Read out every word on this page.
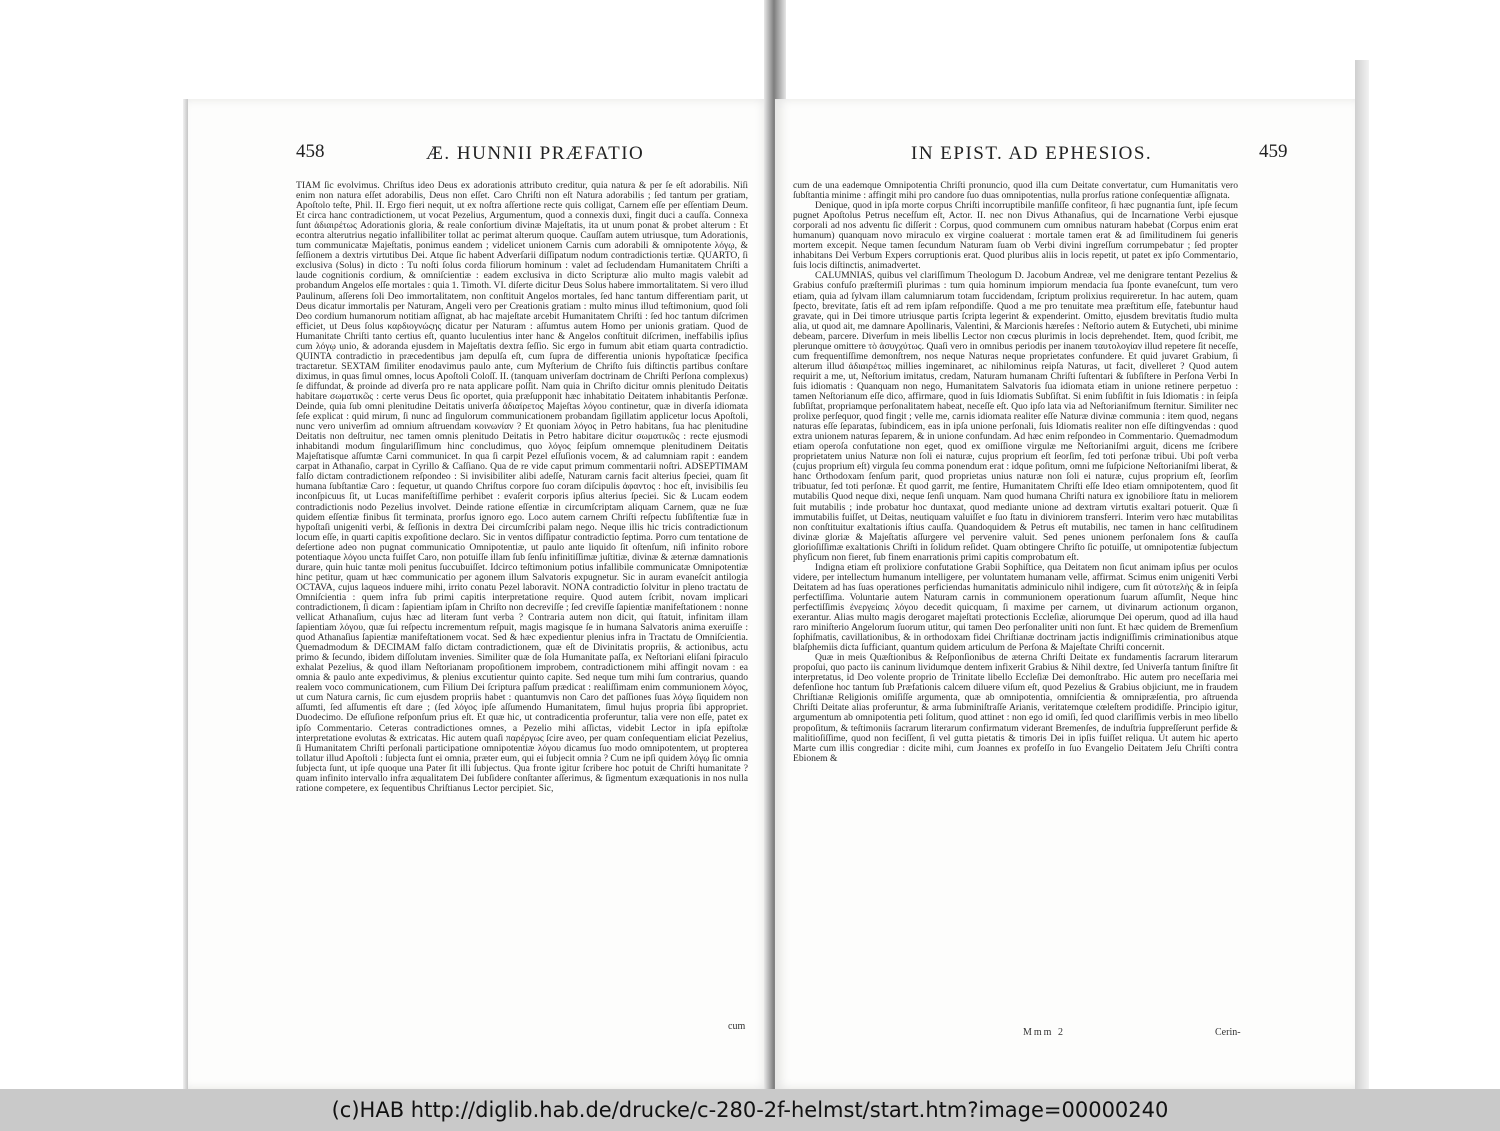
458	Æ. HUNNII PRÆFATIO

TIAM ſic evolvimus. Chriſtus ideo Deus ex adorationis attributo creditur, quia natura & per ſe eſt adorabilis. Niſi enim non natura eſſet adorabilis, Deus non eſſet. Caro Chriſti non eſt Natura adorabilis ; ſed tantum per gratiam, Apoſtolo teſte, Phil. II. Ergo fieri nequit, ut ex noſtra aſſertione recte quis colligat, Carnem eſſe per eſſentiam Deum. Et circa hanc contradictionem, ut vocat Pezelius, Argumentum, quod a connexis duxi, fingit duci a cauſſa. Connexa ſunt ἀδιαιρέτως Adorationis gloria, & reale conſortium divinæ Majeſtatis, ita ut unum ponat & probet alterum : Et econtra alterutrius negatio infallibiliter tollat ac perimat alterum quoque. Cauſſam autem utriusque, tum Adorationis, tum communicatæ Majeſtatis, ponimus eandem ; videlicet unionem Carnis cum adorabili & omnipotente λόγῳ, & ſeſſionem a dextris virtutibus Dei. Atque ſic habent Adverſarii diſſipatum nodum contradictionis tertiæ. QUARTO, ſi exclusiva (Solus) in dicto : Tu noſti ſolus corda filiorum hominum : valet ad ſecludendam Humanitatem Chriſti a laude cognitionis cordium, & omniſcientiæ : eadem exclusiva in dicto Scripturæ alio multo magis valebit ad probandum Angelos eſſe mortales : quia 1. Timoth. VI. diſerte dicitur Deus Solus habere immortalitatem. Si vero illud Paulinum, aſſerens ſoli Deo immortalitatem, non conſtituit Angelos mortales, ſed hanc tantum differentiam parit, ut Deus dicatur immortalis per Naturam, Angeli vero per Creationis gratiam : multo minus illud teſtimonium, quod ſoli Deo cordium humanorum notitiam aſſignat, ab hac majeſtate arcebit Humanitatem Chriſti : ſed hoc tantum diſcrimen efficiet, ut Deus ſolus καρδιογνώςης dicatur per Naturam : aſſumtus autem Homo per unionis gratiam. Quod de Humanitate Chriſti tanto certius eſt, quanto luculentius inter hanc & Angelos conſtituit diſcrimen, ineffabilis ipſius cum λόγῳ unio, & adoranda ejusdem in Majeſtatis dextra ſeſſio. Sic ergo in fumum abit etiam quarta contradictio. QUINTA contradictio in præcedentibus jam depulſa eſt, cum ſupra de differentia unionis hypoſtaticæ ſpecifica tractaretur. SEXTAM ſimiliter enodavimus paulo ante, cum Myſterium de Chriſto ſuis diſtinctis partibus conſtare diximus, in quas ſimul omnes, locus Apoſtoli Coloſſ. II. (tanquam univerſam doctrinam de Chriſti Perſona complexus) ſe diffundat, & proinde ad diverſa pro re nata applicare poſſit. Nam quia in Chriſto dicitur omnis plenitudo Deitatis habitare σωματικῶς : certe verus Deus ſic oportet, quia præſupponit hæc inhabitatio Deitatem inhabitantis Perſonæ. Deinde, quia ſub omni plenitudine Deitatis univerſa ἀδιαίρετος Majeſtas λόγου continetur, quæ in diverſa idiomata ſeſe explicat : quid mirum, ſi nunc ad ſingulorum communicationem probandam ſigillatim applicetur locus Apoſtoli, nunc vero univerſim ad omnium aſtruendam κοινωνίαν ? Et quoniam λόγος in Petro habitans, ſua hac plenitudine Deitatis non deſtruitur, nec tamen omnis plenitudo Deitatis in Petro habitare dicitur σωματικῶς : recte ejusmodi inhabitandi modum ſingulariſſimum hinc concludimus, quo λόγος ſeipſum omnemque plenitudinem Deitatis Majeſtatisque aſſumtæ Carni communicet. In qua ſi carpit Pezel eſſuſionis vocem, & ad calumniam rapit : eandem carpat in Athanaſio, carpat in Cyrillo & Caſſiano. Qua de re vide caput primum commentarii noſtri. ADSEPTIMAM falſo dictam contradictionem reſpondeo : Si invisibiliter alibi adeſſe, Naturam carnis facit alterius ſpeciei, quam ſit humana ſubſtantiæ Caro : ſequetur, ut quando Chriſtus corpore ſuo coram diſcipulis ἀφαντος : hoc eſt, invisibilis ſeu inconſpicuus ſit, ut Lucas manifeſtiſſime perhibet : evaſerit corporis ipſius alterius ſpeciei. Sic & Lucam eodem contradictionis nodo Pezelius involvet. Deinde ratione eſſentiæ in circumſcriptam aliquam Carnem, quæ ne ſuæ quidem eſſentiæ finibus ſit terminata, prorſus ignoro ego. Loco autem carnem Chriſti reſpectu ſubſiſtentiæ ſuæ in hypoſtaſi unigeniti verbi, & ſeſſionis in dextra Dei circumſcribi palam nego. Neque illis hic tricis contradictionum locum eſſe, in quarti capitis expoſitione declaro. Sic in ventos diſſipatur contradictio ſeptima. Porro cum tentatione de deſertione adeo non pugnat communicatio Omnipotentiæ, ut paulo ante liquido ſit oſtenſum, niſi infinito robore potentiaque λόγου uncta fuiſſet Caro, non potuiſſe illam ſub ſenſu infinitiſſimæ juſtitiæ, divinæ & æternæ damnationis durare, quin huic tantæ moli penitus ſuccubuiſſet. Idcirco teſtimonium potius infallibile communicatæ Omnipotentiæ hinc petitur, quam ut hæc communicatio per agonem illum Salvatoris expugnetur. Sic in auram evaneſcit antilogia OCTAVA, cujus laqueos induere mihi, irrito conatu Pezel laboravit. NONA contradictio ſolvitur in pleno tractatu de Omniſcientia : quem infra ſub primi capitis interpretatione require. Quod autem ſcribit, novam implicari contradictionem, ſi dicam : ſapientiam ipſam in Chriſto non decreviſſe ; ſed creviſſe ſapientiæ manifeſtationem : nonne vellicat Athanaſium, cujus hæc ad literam ſunt verba ? Contraria autem non dicit, qui ſtatuit, infinitam illam ſapientiam λόγου, quæ ſui reſpectu incrementum reſpuit, magis magisque ſe in humana Salvatoris anima exeruiſſe : quod Athanaſius ſapientiæ manifeſtationem vocat. Sed & hæc expedientur plenius infra in Tractatu de Omniſcientia. Quemadmodum & DECIMAM falſo dictam contradictionem, quæ eſt de Divinitatis propriis, & actionibus, actu primo & ſecundo, ibidem diſſolutam invenies. Similiter quæ de ſola Humanitate paſſa, ex Neſtoriani eliſani ſpiraculo exhalat Pezelius, & quod illam Neſtorianam propoſitionem improbem, contradictionem mihi affingit novam : ea omnia & paulo ante expedivimus, & plenius excutientur quinto capite. Sed neque tum mihi ſum contrarius, quando realem voco communicationem, cum Filium Dei ſcriptura paſſum prædicat : realiſſimam enim communionem λόγος, ut cum Natura carnis, ſic cum ejusdem propriis habet : quantumvis non Caro det paſſiones ſuas λόγῳ ſiquidem non aſſumti, ſed aſſumentis eſt dare ; (ſed λόγος ipſe aſſumendo Humanitatem, ſimul hujus propria ſibi appropriet. Duodecimo. De eſſuſione reſponſum prius eſt. Et quæ hic, ut contradicentia proferuntur, talia vere non eſſe, patet ex ipſo Commentario. Ceteras contradictiones omnes, a Pezelio mihi aſſictas, videbit Lector in ipſa epiſtolæ interpretatione evolutas & extricatas. Hic autem quaſi παρέργως ſcire aveo, per quam conſequentiam eliciat Pezelius, ſi Humanitatem Chriſti perſonali participatione omnipotentiæ λόγου dicamus ſuo modo omnipotentem, ut propterea tollatur illud Apoſtoli : ſubjecta ſunt ei omnia, præter eum, qui ei ſubjecit omnia ? Cum ne ipſi quidem λόγῳ ſic omnia ſubjecta ſunt, ut ipſe quoque una Pater ſit illi ſubjectus. Qua fronte igitur ſcribere hoc potuit de Chriſti humanitate ? quam infinito intervallo infra æqualitatem Dei ſubſidere conſtanter aſſerimus, & ſigmentum exæquationis in nos nulla ratione competere, ex ſequentibus Chriſtianus Lector percipiet. Sic,

cum
IN EPIST. AD EPHESIOS.	459

cum de una eademque Omnipotentia Chriſti pronuncio, quod illa cum Deitate convertatur, cum Humanitatis vero ſubſtantia minime : affingit mihi pro candore ſuo duas omnipotentias, nulla prorſus ratione conſequentiæ aſſignata.

Denique, quod in ipſa morte corpus Chriſti incorruptibile manſiſſe confiteor, ſi hæc pugnantia ſunt, ipſe ſecum pugnet Apoſtolus Petrus neceſſum eſt, Actor. II. nec non Divus Athanaſius, qui de Incarnatione Verbi ejusque corporali ad nos adventu ſic diſſerit : Corpus, quod communem cum omnibus naturam habebat (Corpus enim erat humanum) quanquam novo miraculo ex virgine coaluerat : mortale tamen erat & ad ſimilitudinem ſui generis mortem excepit. Neque tamen ſecundum Naturam ſuam ob Verbi divini ingreſſum corrumpebatur ; ſed propter inhabitans Dei Verbum Expers corruptionis erat. Quod pluribus aliis in locis repetit, ut patet ex ipſo Commentario, ſuis locis diſtinctis, animadvertet.

CALUMNIAS, quibus vel clariſſimum Theologum D. Jacobum Andreæ, vel me denigrare tentant Pezelius & Grabius confuſo præſtermiſi plurimas : tum quia hominum impiorum mendacia ſua ſponte evaneſcunt, tum vero etiam, quia ad ſylvam illam calumniarum totam ſuccidendam, ſcriptum prolixius requireretur. In hac autem, quam ſpecto, brevitate, ſatis eſt ad rem ipſam reſpondiſſe. Quod a me pro tenuitate mea præſtitum eſſe, fatebuntur haud gravate, qui in Dei timore utriusque partis ſcripta legerint & expenderint. Omitto, ejusdem brevitatis ſtudio multa alia, ut quod ait, me damnare Apollinaris, Valentini, & Marcionis hæreſes : Neſtorio autem & Eutycheti, ubi minime debeam, parcere. Diverſum in meis libellis Lector non cœcus plurimis in locis deprehendet. Item, quod ſcribit, me plerunque omittere τὸ ἀσυγχύτως. Quaſi vero in omnibus periodis per inanem ταυτολογίαν illud repetere ſit neceſſe, cum frequentiſſime demonſtrem, nos neque Naturas neque proprietates confundere. Et quid juvaret Grabium, ſi alterum illud ἀδιαιρέτως millies ingeminaret, ac nihilominus reipſa Naturas, ut facit, divelleret ? Quod autem requirit a me, ut, Neſtorium imitatus, credam, Naturam humanam Chriſti ſuſtentari & ſubſiſtere in Perſona Verbi In ſuis idiomatis : Quanquam non nego, Humanitatem Salvatoris ſua idiomata etiam in unione retinere perpetuo : tamen Neſtorianum eſſe dico, affirmare, quod in ſuis Idiomatis Subſiſtat. Si enim ſubſiſtit in ſuis Idiomatis : in ſeipſa ſubſiſtat, propriamque perſonalitatem habeat, neceſſe eſt. Quo ipſo lata via ad Neſtorianiſmum ſternitur. Similiter nec prolixe perſequor, quod fingit ; velle me, carnis idiomata realiter eſſe Naturæ divinæ communia : item quod, negans naturas eſſe ſeparatas, ſubindicem, eas in ipſa unione perſonali, ſuis Idiomatis realiter non eſſe diſtingvendas : quod extra unionem naturas ſeparem, & in unione confundam. Ad hæc enim reſpondeo in Commentario. Quemadmodum etiam operoſa confutatione non eget, quod ex omiſſione virgulæ me Neſtorianiſmi arguit, dicens me ſcribere proprietatem unius Naturæ non ſoli ei naturæ, cujus proprium eſt ſeorſim, ſed toti perſonæ tribui. Ubi poſt verba (cujus proprium eſt) virgula ſeu comma ponendum erat : idque poſitum, omni me ſuſpicione Neſtorianiſmi liberat, & hanc Orthodoxam ſenſum parit, quod proprietas unius naturæ non ſoli ei naturæ, cujus proprium eſt, ſeorſim tribuatur, ſed toti perſonæ. Et quod garrit, me ſentire, Humanitatem Chriſti eſſe Ideo etiam omnipotentem, quod ſit mutabilis Quod neque dixi, neque ſenſi unquam. Nam quod humana Chriſti natura ex ignobiliore ſtatu in meliorem ſuit mutabilis ; inde probatur hoc duntaxat, quod mediante unione ad dextram virtutis exaltari potuerit. Quæ ſi immutabilis fuiſſet, ut Deitas, neutiquam valuiſſet e ſuo ſtatu in diviniorem transferri. Interim vero hæc mutabilitas non conſtituitur exaltationis iſtius cauſſa. Quandoquidem & Petrus eſt mutabilis, nec tamen in hanc celſitudinem divinæ gloriæ & Majeſtatis aſſurgere vel pervenire valuit. Sed penes unionem perſonalem ſons & cauſſa glorioſiſſimæ exaltationis Chriſti in ſolidum reſidet. Quam obtingere Chriſto ſic potuiſſe, ut omnipotentiæ ſubjectum phyſicum non fieret, ſub finem enarrationis primi capitis comprobatum eſt.

Indigna etiam eſt prolixiore confutatione Grabii Sophiſtice, qua Deitatem non ſicut animam ipſius per oculos videre, per intellectum humanum intelligere, per voluntatem humanam velle, affirmat. Scimus enim unigeniti Verbi Deitatem ad has ſuas operationes perficiendas humanitatis adminiculo nihil indigere, cum ſit αὐτοτελὴς & in ſeipſa perfectiſſima. Voluntarie autem Naturam carnis in communionem operationum ſuarum aſſumſit, Neque hinc perfectiſſimis ἐνεργείαις λόγου decedit quicquam, ſi maxime per carnem, ut divinarum actionum organon, exerantur. Alias multo magis derogaret majeſtati protectionis Eccleſiæ, aliorumque Dei operum, quod ad illa haud raro miniſterio Angelorum ſuorum utitur, qui tamen Deo perſonaliter uniti non ſunt. Et hæc quidem de Bremenſium ſophiſmatis, cavillationibus, & in orthodoxam fidei Chriſtianæ doctrinam jactis indigniſſimis criminationibus atque blaſphemiis dicta ſufficiant, quantum quidem articulum de Perſona & Majeſtate Chriſti concernit.

Quæ in meis Quæſtionibus & Reſponſionibus de æterna Chriſti Deitate ex fundamentis ſacrarum literarum propoſui, quo pacto iis caninum lividumque dentem infixerit Grabius & Nihil dextre, ſed Univerſa tantum ſiniſtre ſit interpretatus, id Deo volente proprio de Trinitate libello Eccleſiæ Dei demonſtrabo. Hic autem pro neceſſaria mei defenſione hoc tantum ſub Præfationis calcem diluere viſum eſt, quod Pezelius & Grabius objiciunt, me in fraudem Chriſtianæ Religionis omiſiſſe argumenta, quæ ab omnipotentia, omniſcientia & omnipræſentia, pro aſtruenda Chriſti Deitate alias proferuntur, & arma ſubminiſtraſſe Arianis, veritatemque cœleſtem prodidiſſe. Principio igitur, argumentum ab omnipotentia peti ſolitum, quod attinet : non ego id omiſi, ſed quod clariſſimis verbis in meo libello propoſitum, & teſtimoniis ſacrarum literarum confirmatum viderant Bremenſes, de induſtria ſuppreſſerunt perfide & malitioſiſſime, quod non feciſſent, ſi vel gutta pietatis & timoris Dei in ipſis fuiſſet reliqua. Ut autem hic aperto Marte cum illis congrediar : dicite mihi, cum Joannes ex profeſſo in ſuo Evangelio Deitatem Jeſu Chriſti contra Ebionem &

Mmm 2	Cerin-
(c)HAB http://diglib.hab.de/drucke/c-280-2f-helmst/start.htm?image=00000240
